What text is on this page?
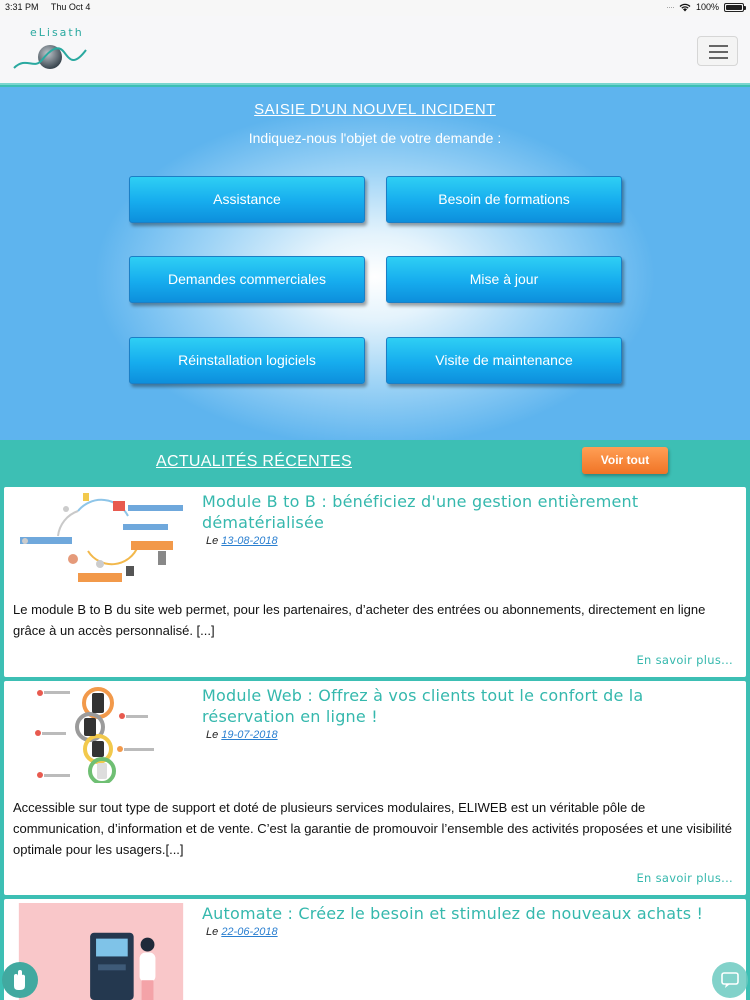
3:31 PM Thu Oct 4	···· 100%
eLisath
SAISIE D'UN NOUVEL INCIDENT
Indiquez-nous l'objet de votre demande :
Assistance	Besoin de formations
Demandes commerciales	Mise à jour
Réinstallation logiciels	Visite de maintenance
ACTUALITÉS RÉCENTES	Voir tout
Module B to B : bénéficiez d'une gestion entièrement dématérialisée
Le 13-08-2018
Le module B to B du site web permet, pour les partenaires, d’acheter des entrées ou abonnements, directement en ligne grâce à un accès personnalisé. [...]
En savoir plus...
Module Web : Offrez à vos clients tout le confort de la réservation en ligne !
Le 19-07-2018
Accessible sur tout type de support et doté de plusieurs services modulaires, ELIWEB est un véritable pôle de communication, d’information et de vente. C’est la garantie de promouvoir l’ensemble des activités proposées et une visibilité optimale pour les usagers.[...]
En savoir plus...
Automate : Créez le besoin et stimulez de nouveaux achats !
Le 22-06-2018
